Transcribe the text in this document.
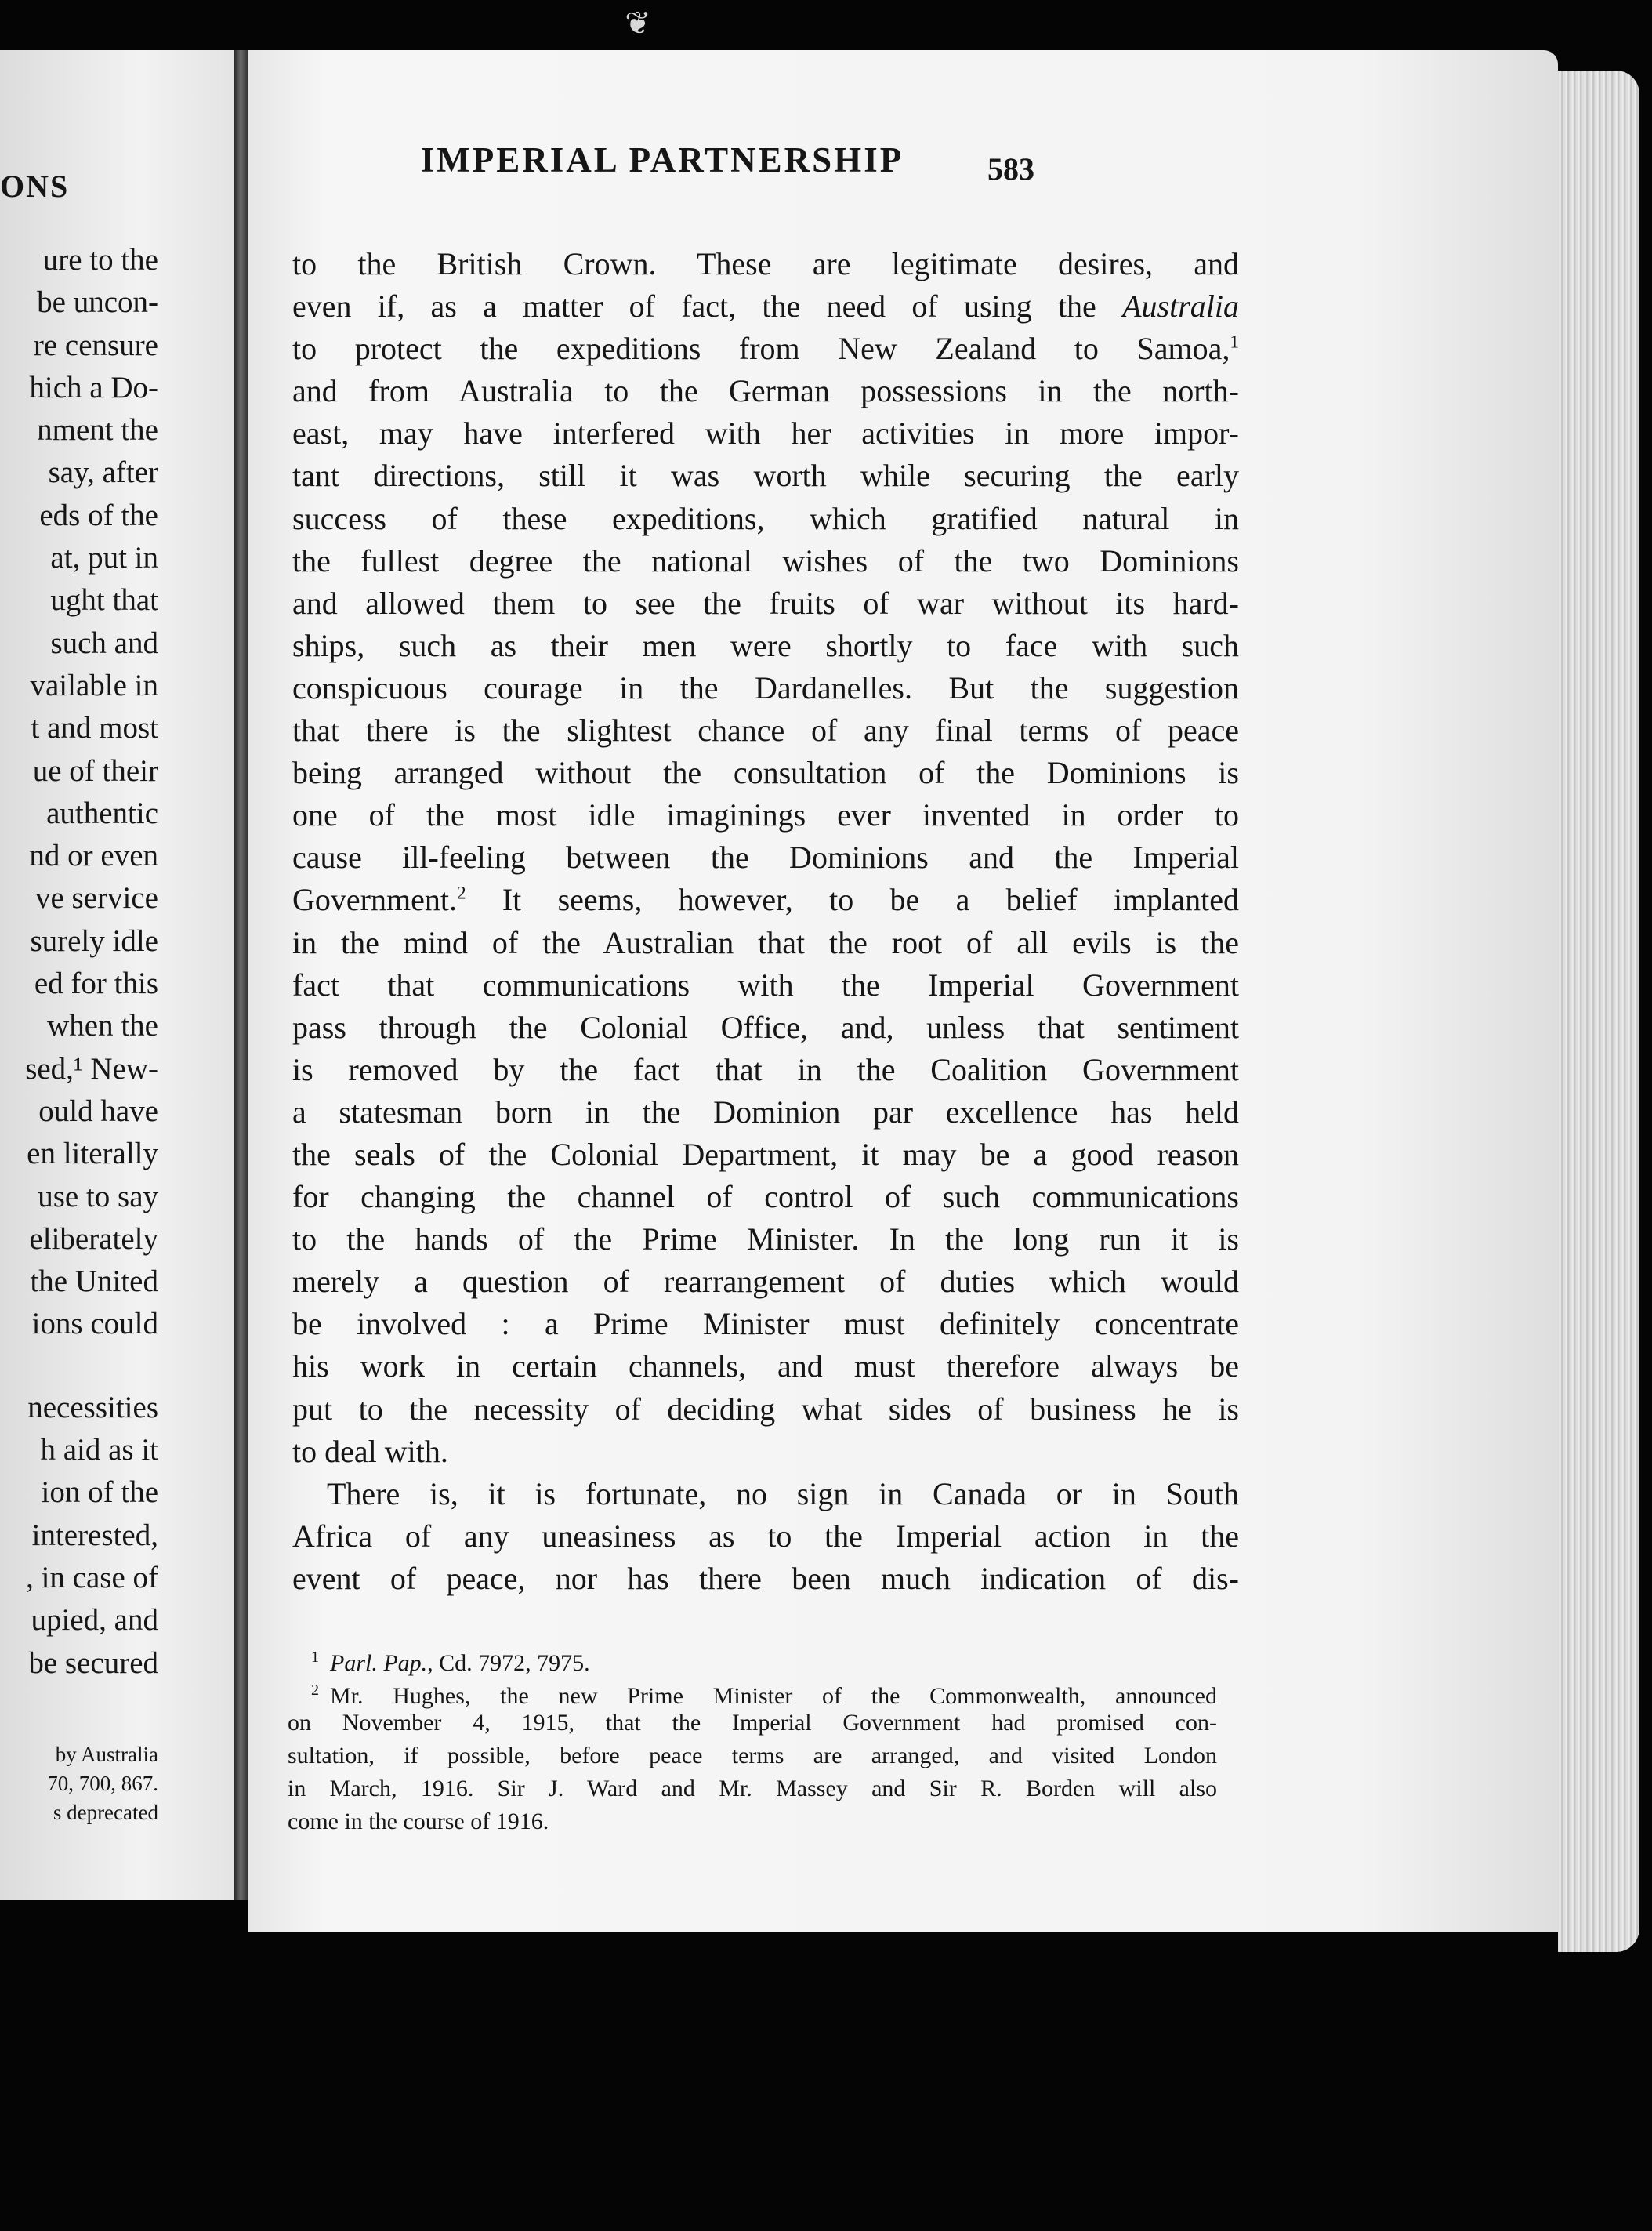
ONS
ure to the
be uncon-
re censure
hich a Do-
nment the
say, after
eds of the
at, put in
ught that
such and
vailable in
t and most
ue of their
authentic
nd or even
ve service
surely idle
ed for this
when the
sed,¹ New-
ould have
en literally
use to say
eliberately
the United
ions could
necessities
h aid as it
ion of the
interested,
, in case of
upied, and
be secured
by Australia
70, 700, 867.
s deprecated
❦
IMPERIAL PARTNERSHIP	583
to the British Crown. These are legitimate desires, and
even if, as a matter of fact, the need of using the Australia
to protect the expeditions from New Zealand to Samoa,$^1$
and from Australia to the German possessions in the north-
east, may have interfered with her activities in more impor-
tant directions, still it was worth while securing the early
success of these expeditions, which gratified natural in
the fullest degree the national wishes of the two Dominions
and allowed them to see the fruits of war without its hard-
ships, such as their men were shortly to face with such
conspicuous courage in the Dardanelles. But the suggestion
that there is the slightest chance of any final terms of peace
being arranged without the consultation of the Dominions is
one of the most idle imaginings ever invented in order to
cause ill-feeling between the Dominions and the Imperial
Government.$^2$ It seems, however, to be a belief implanted
in the mind of the Australian that the root of all evils is the
fact that communications with the Imperial Government
pass through the Colonial Office, and, unless that sentiment
is removed by the fact that in the Coalition Government
a statesman born in the Dominion par excellence has held
the seals of the Colonial Department, it may be a good reason
for changing the channel of control of such communications
to the hands of the Prime Minister. In the long run it is
merely a question of rearrangement of duties which would
be involved : a Prime Minister must definitely concentrate
his work in certain channels, and must therefore always be
put to the necessity of deciding what sides of business he is
to deal with.
There is, it is fortunate, no sign in Canada or in South
Africa of any uneasiness as to the Imperial action in the
event of peace, nor has there been much indication of dis-
$^1$ Parl. Pap., Cd. 7972, 7975.
$^2$ Mr. Hughes, the new Prime Minister of the Commonwealth, announced
on November 4, 1915, that the Imperial Government had promised con-
sultation, if possible, before peace terms are arranged, and visited London
in March, 1916. Sir J. Ward and Mr. Massey and Sir R. Borden will also
come in the course of 1916.
